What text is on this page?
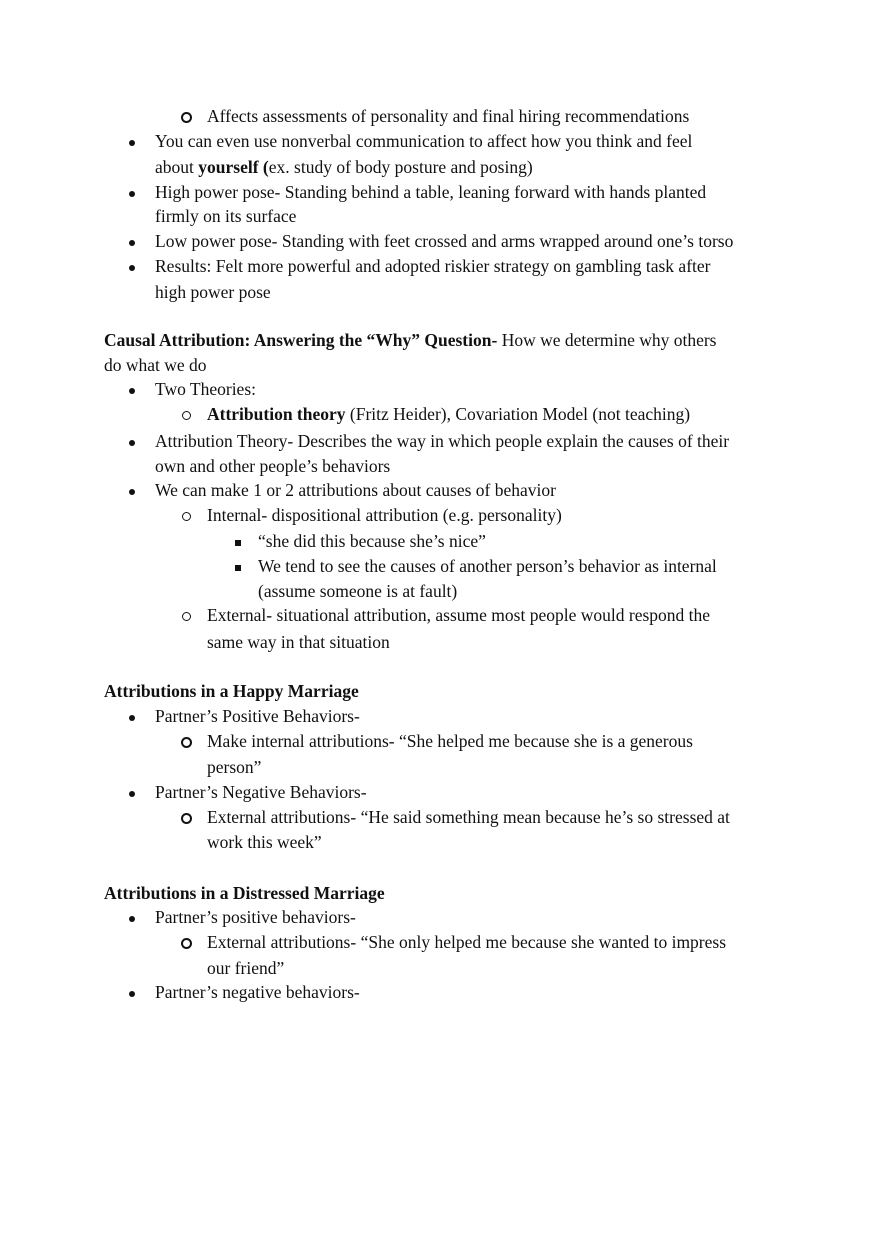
Affects assessments of personality and final hiring recommendations
You can even use nonverbal communication to affect how you think and feel
about yourself (ex. study of body posture and posing)
High power pose- Standing behind a table, leaning forward with hands planted
firmly on its surface
Low power pose- Standing with feet crossed and arms wrapped around one’s torso
Results: Felt more powerful and adopted riskier strategy on gambling task after
high power pose
Causal Attribution: Answering the “Why” Question- How we determine why others
do what we do
Two Theories:
Attribution theory (Fritz Heider), Covariation Model (not teaching)
Attribution Theory- Describes the way in which people explain the causes of their
own and other people’s behaviors
We can make 1 or 2 attributions about causes of behavior
Internal- dispositional attribution (e.g. personality)
“she did this because she’s nice”
We tend to see the causes of another person’s behavior as internal
(assume someone is at fault)
External- situational attribution, assume most people would respond the
same way in that situation
Attributions in a Happy Marriage
Partner’s Positive Behaviors-
Make internal attributions- “She helped me because she is a generous
person”
Partner’s Negative Behaviors-
External attributions- “He said something mean because he’s so stressed at
work this week”
Attributions in a Distressed Marriage
Partner’s positive behaviors-
External attributions- “She only helped me because she wanted to impress
our friend”
Partner’s negative behaviors-
